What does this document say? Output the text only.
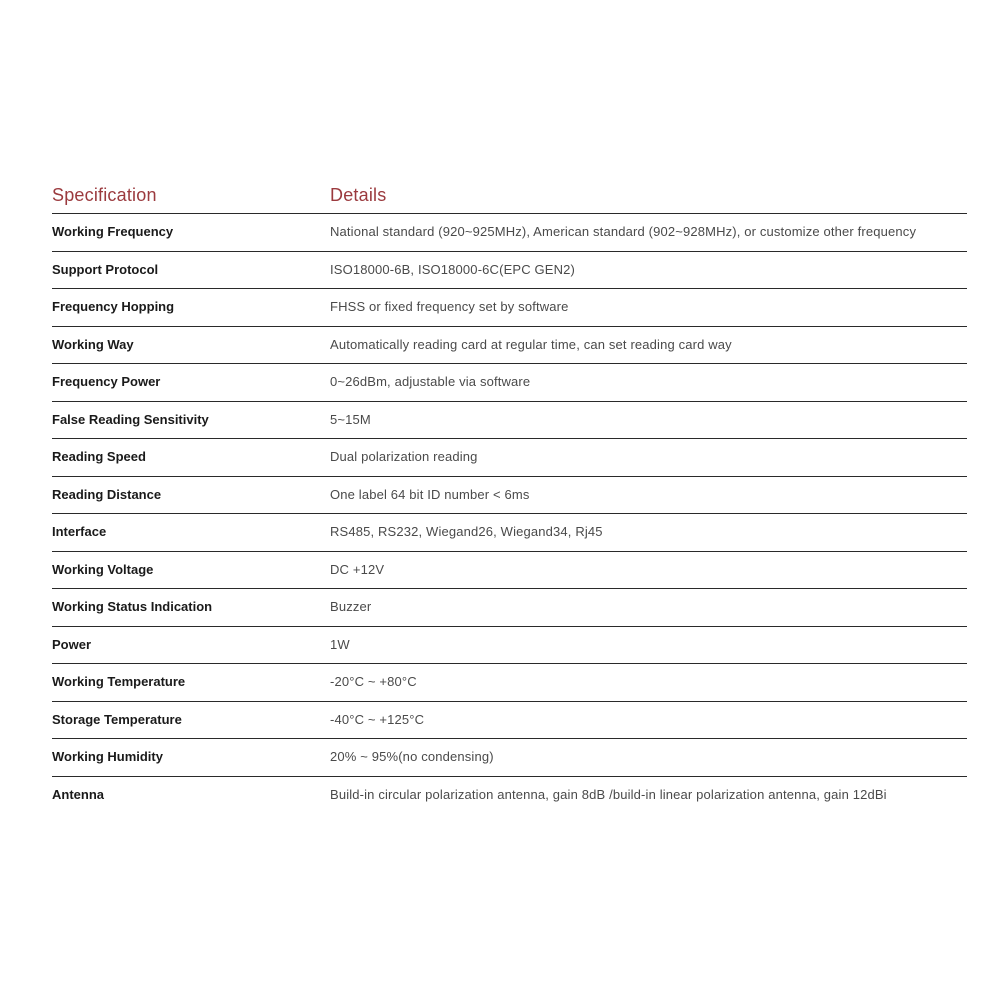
Specification	Details
Working Frequency	National standard (920~925MHz), American standard (902~928MHz), or customize other frequency
Support Protocol	ISO18000-6B, ISO18000-6C(EPC GEN2)
Frequency Hopping	FHSS or fixed frequency set by software
Working Way	Automatically reading card at regular time, can set reading card way
Frequency Power	0~26dBm, adjustable via software
False Reading Sensitivity	5~15M
Reading Speed	Dual polarization reading
Reading Distance	One label 64 bit ID number < 6ms
Interface	RS485, RS232, Wiegand26, Wiegand34, Rj45
Working Voltage	DC +12V
Working Status Indication	Buzzer
Power	1W
Working Temperature	-20°C ~ +80°C
Storage Temperature	-40°C ~ +125°C
Working Humidity	20% ~ 95%(no condensing)
Antenna	Build-in circular polarization antenna, gain 8dB /build-in linear polarization antenna, gain 12dBi
